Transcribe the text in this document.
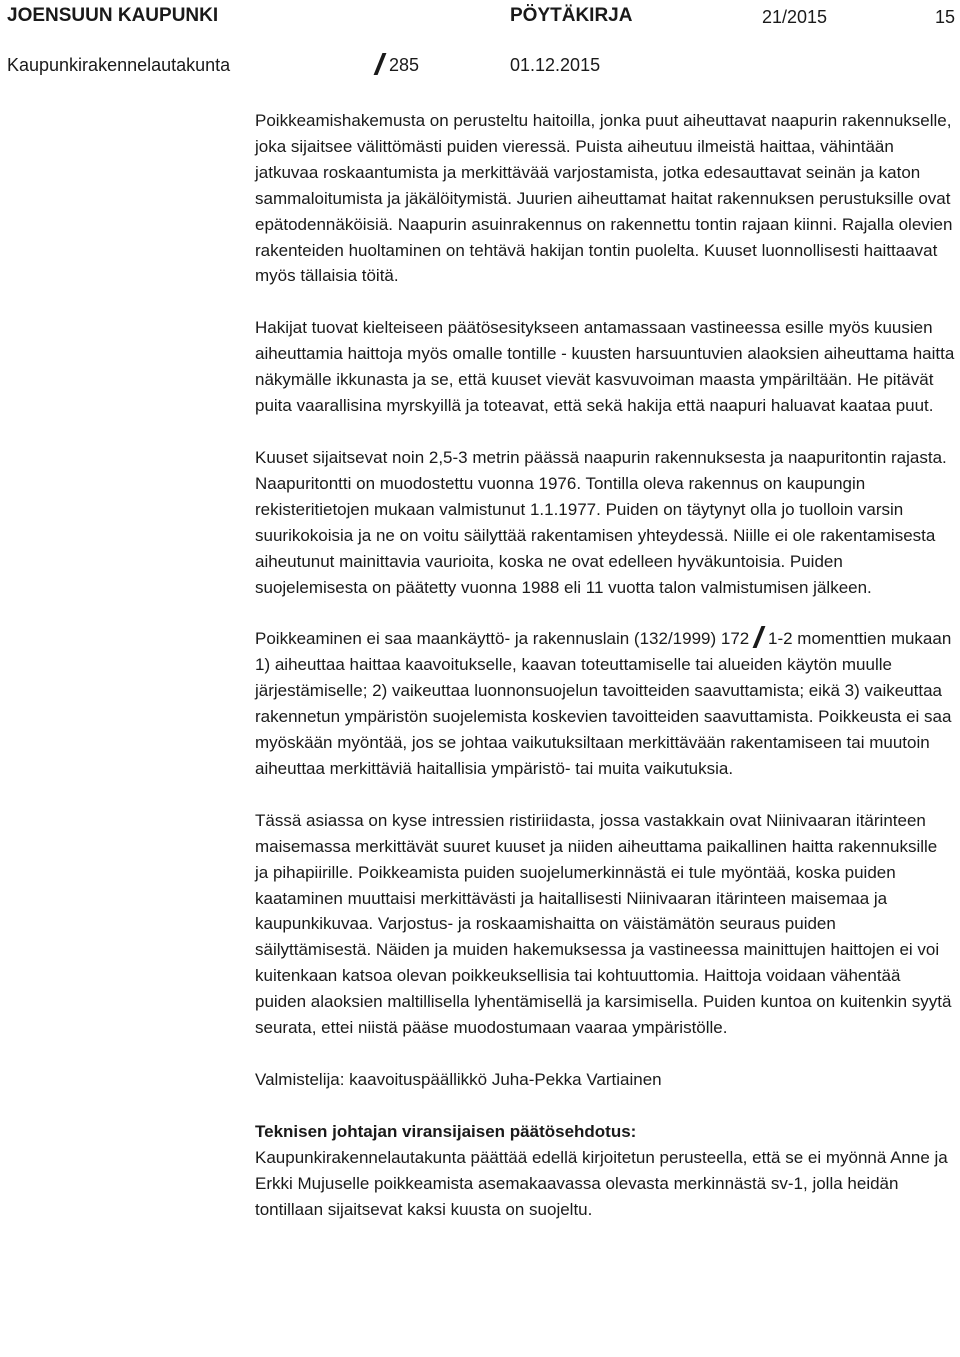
JOENSUUN KAUPUNKI	PÖYTÄKIRJA	21/2015	15
Kaupunkirakennelautakunta	285	01.12.2015

Poikkeamishakemusta on perusteltu haitoilla, jonka puut aiheuttavat naapurin rakennukselle, joka sijaitsee välittömästi puiden vieressä. Puista aiheutuu ilmeistä haittaa, vähintään jatkuvaa roskaantumista ja merkittävää varjostamista, jotka edesauttavat seinän ja katon sammaloitumista ja jäkälöitymistä. Juurien aiheuttamat haitat rakennuksen perustuksille ovat epätodennäköisiä. Naapurin asuinrakennus on rakennettu tontin rajaan kiinni. Rajalla olevien rakenteiden huoltaminen on tehtävä hakijan tontin puolelta. Kuuset luonnollisesti haittaavat myös tällaisia töitä.

Hakijat tuovat kielteiseen päätösesitykseen antamassaan vastineessa esille myös kuusien aiheuttamia haittoja myös omalle tontille - kuusten harsuuntuvien alaoksien aiheuttama haitta näkymälle ikkunasta ja se, että kuuset vievät kasvuvoiman maasta ympäriltään. He pitävät puita vaarallisina myrskyillä ja toteavat, että sekä hakija että naapuri haluavat kaataa puut.

Kuuset sijaitsevat noin 2,5-3 metrin päässä naapurin rakennuksesta ja naapuritontin rajasta. Naapuritontti on muodostettu vuonna 1976. Tontilla oleva rakennus on kaupungin rekisteritietojen mukaan valmistunut 1.1.1977. Puiden on täytynyt olla jo tuolloin varsin suurikokoisia ja ne on voitu säilyttää rakentamisen yhteydessä. Niille ei ole rakentamisesta aiheutunut mainittavia vaurioita, koska ne ovat edelleen hyväkuntoisia. Puiden suojelemisesta on päätetty vuonna 1988 eli 11 vuotta talon valmistumisen jälkeen.

Poikkeaminen ei saa maankäyttö- ja rakennuslain (132/1999) 172 1-2 momenttien mukaan 1) aiheuttaa haittaa kaavoitukselle, kaavan toteuttamiselle tai alueiden käytön muulle järjestämiselle; 2) vaikeuttaa luonnonsuojelun tavoitteiden saavuttamista; eikä 3) vaikeuttaa rakennetun ympäristön suojelemista koskevien tavoitteiden saavuttamista. Poikkeusta ei saa myöskään myöntää, jos se johtaa vaikutuksiltaan merkittävään rakentamiseen tai muutoin aiheuttaa merkittäviä haitallisia ympäristö- tai muita vaikutuksia.

Tässä asiassa on kyse intressien ristiriidasta, jossa vastakkain ovat Niinivaaran itärinteen maisemassa merkittävät suuret kuuset ja niiden aiheuttama paikallinen haitta rakennuksille ja pihapiirille. Poikkeamista puiden suojelumerkinnästä ei tule myöntää, koska puiden kaataminen muuttaisi merkittävästi ja haitallisesti Niinivaaran itärinteen maisemaa ja kaupunkikuvaa. Varjostus- ja roskaamishaitta on väistämätön seuraus puiden säilyttämisestä. Näiden ja muiden hakemuksessa ja vastineessa mainittujen haittojen ei voi kuitenkaan katsoa olevan poikkeuksellisia tai kohtuuttomia. Haittoja voidaan vähentää puiden alaoksien maltillisella lyhentämisellä ja karsimisella. Puiden kuntoa on kuitenkin syytä seurata, ettei niistä pääse muodostumaan vaaraa ympäristölle.

Valmistelija: kaavoituspäällikkö Juha-Pekka Vartiainen

Teknisen johtajan viransijaisen päätösehdotus:

Kaupunkirakennelautakunta päättää edellä kirjoitetun perusteella, että se ei myönnä Anne ja Erkki Mujuselle poikkeamista asemakaavassa olevasta merkinnästä sv-1, jolla heidän tontillaan sijaitsevat kaksi kuusta on suojeltu.
